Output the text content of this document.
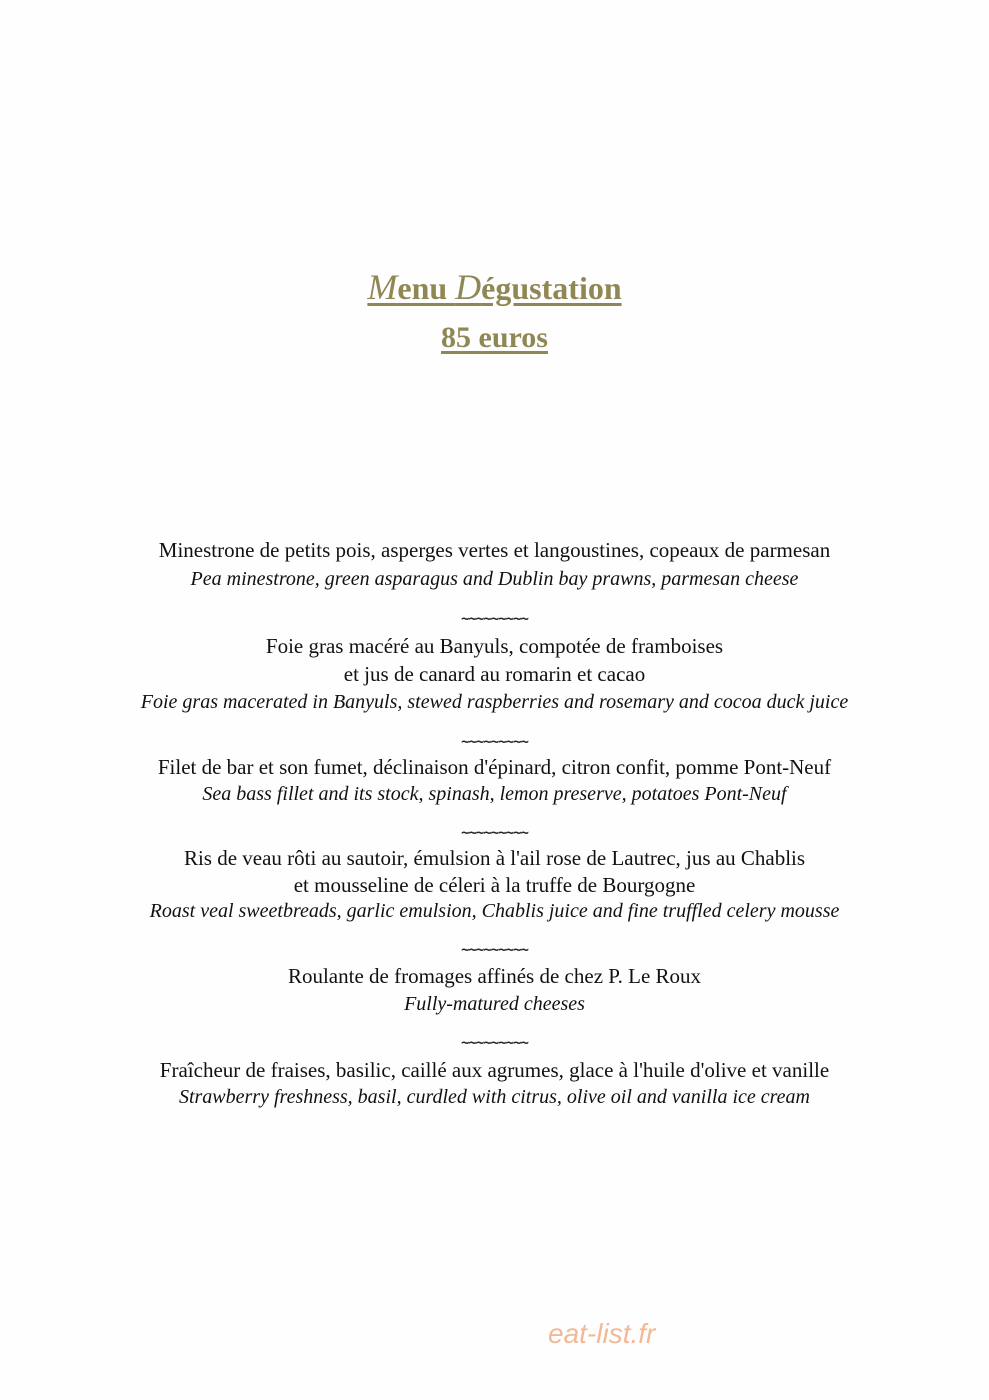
Menu Dégustation
85 euros
Minestrone de petits pois, asperges vertes et langoustines, copeaux de parmesan
Pea minestrone, green asparagus and Dublin bay prawns, parmesan cheese
~~~~~~~~~
Foie gras macéré au Banyuls, compotée de framboises
et jus de canard au romarin et cacao
Foie gras macerated in Banyuls, stewed raspberries and rosemary and cocoa duck juice
~~~~~~~~~
Filet de bar et son fumet, déclinaison d'épinard, citron confit, pomme Pont-Neuf
Sea bass fillet and its stock, spinash, lemon preserve, potatoes Pont-Neuf
~~~~~~~~~
Ris de veau rôti au sautoir, émulsion à l'ail rose de Lautrec, jus au Chablis
et mousseline de céleri à la truffe de Bourgogne
Roast veal sweetbreads, garlic emulsion, Chablis juice and fine truffled celery mousse
~~~~~~~~~
Roulante de fromages affinés de chez P. Le Roux
Fully-matured cheeses
~~~~~~~~~
Fraîcheur de fraises, basilic, caillé aux agrumes, glace à l'huile d'olive et vanille
Strawberry freshness, basil, curdled with citrus, olive oil and vanilla ice cream
eat-list.fr
